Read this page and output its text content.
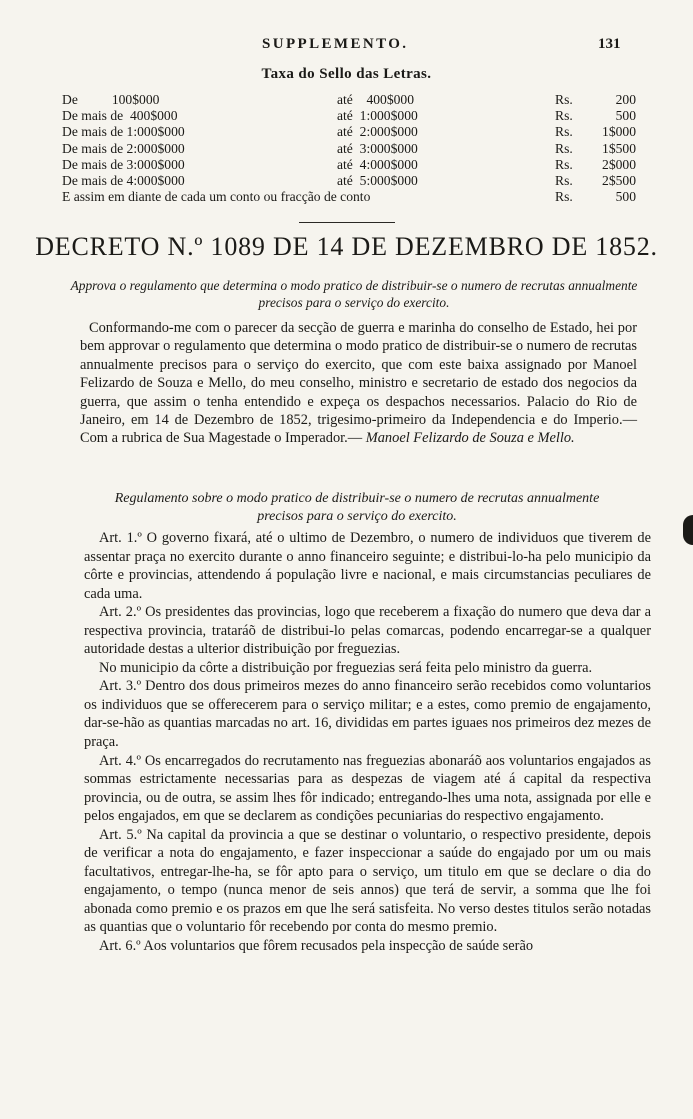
SUPPLEMENTO.	131
Taxa do Sello das Letras.
De          100$000	até    400$000	Rs.	200
De mais de  400$000	até  1:000$000	Rs.	500
De mais de 1:000$000	até  2:000$000	Rs. 1$000
De mais de 2:000$000	até  3:000$000	Rs. 1$500
De mais de 3:000$000	até  4:000$000	Rs. 2$000
De mais de 4:000$000	até  5:000$000	Rs. 2$500
E assim em diante de cada um conto ou fracção de conto	Rs.	500
DECRETO N.º 1089 DE 14 DE DEZEMBRO DE 1852.
Approva o regulamento que determina o modo pratico de distribuir-se o numero de recrutas annualmente precisos para o serviço do exercito.

Conformando-me com o parecer da secção de guerra e marinha do conselho de Estado, hei por bem approvar o regulamento que determina o modo pratico de distribuir-se o numero de recrutas annualmente precisos para o serviço do exercito, que com este baixa assignado por Manoel Felizardo de Souza e Mello, do meu conselho, ministro e secretario de estado dos negocios da guerra, que assim o tenha entendido e expeça os despachos necessarios. Palacio do Rio de Janeiro, em 14 de Dezembro de 1852, trigesimo-primeiro da Independencia e do Imperio.— Com a rubrica de Sua Magestade o Imperador.— Manoel Felizardo de Souza e Mello.

Regulamento sobre o modo pratico de distribuir-se o numero de recrutas annualmente precisos para o serviço do exercito.

Art. 1.º O governo fixará, até o ultimo de Dezembro, o numero de individuos que tiverem de assentar praça no exercito durante o anno financeiro seguinte; e distribui-lo-ha pelo municipio da côrte e provincias, attendendo á população livre e nacional, e mais circumstancias peculiares de cada uma.

Art. 2.º Os presidentes das provincias, logo que receberem a fixação do numero que deva dar a respectiva provincia, trataráõ de distribui-lo pelas comarcas, podendo encarregar-se a qualquer autoridade destas a ulterior distribuição por freguezias.

No municipio da côrte a distribuição por freguezias será feita pelo ministro da guerra.

Art. 3.º Dentro dos dous primeiros mezes do anno financeiro serão recebidos como voluntarios os individuos que se offerecerem para o serviço militar; e a estes, como premio de engajamento, dar-se-hão as quantias marcadas no art. 16, divididas em partes iguaes nos primeiros dez mezes de praça.

Art. 4.º Os encarregados do recrutamento nas freguezias abonaráõ aos voluntarios engajados as sommas estrictamente necessarias para as despezas de viagem até á capital da respectiva provincia, ou de outra, se assim lhes fôr indicado; entregando-lhes uma nota, assignada por elle e pelos engajados, em que se declarem as condições pecuniarias do respectivo engajamento.

Art. 5.º Na capital da provincia a que se destinar o voluntario, o respectivo presidente, depois de verificar a nota do engajamento, e fazer inspeccionar a saúde do engajado por um ou mais facultativos, entregar-lhe-ha, se fôr apto para o serviço, um titulo em que se declare o dia do engajamento, o tempo (nunca menor de seis annos) que terá de servir, a somma que lhe foi abonada como premio e os prazos em que lhe será satisfeita. No verso destes titulos serão notadas as quantias que o voluntario fôr recebendo por conta do mesmo premio.

Art. 6.º Aos voluntarios que fôrem recusados pela inspecção de saúde serão
